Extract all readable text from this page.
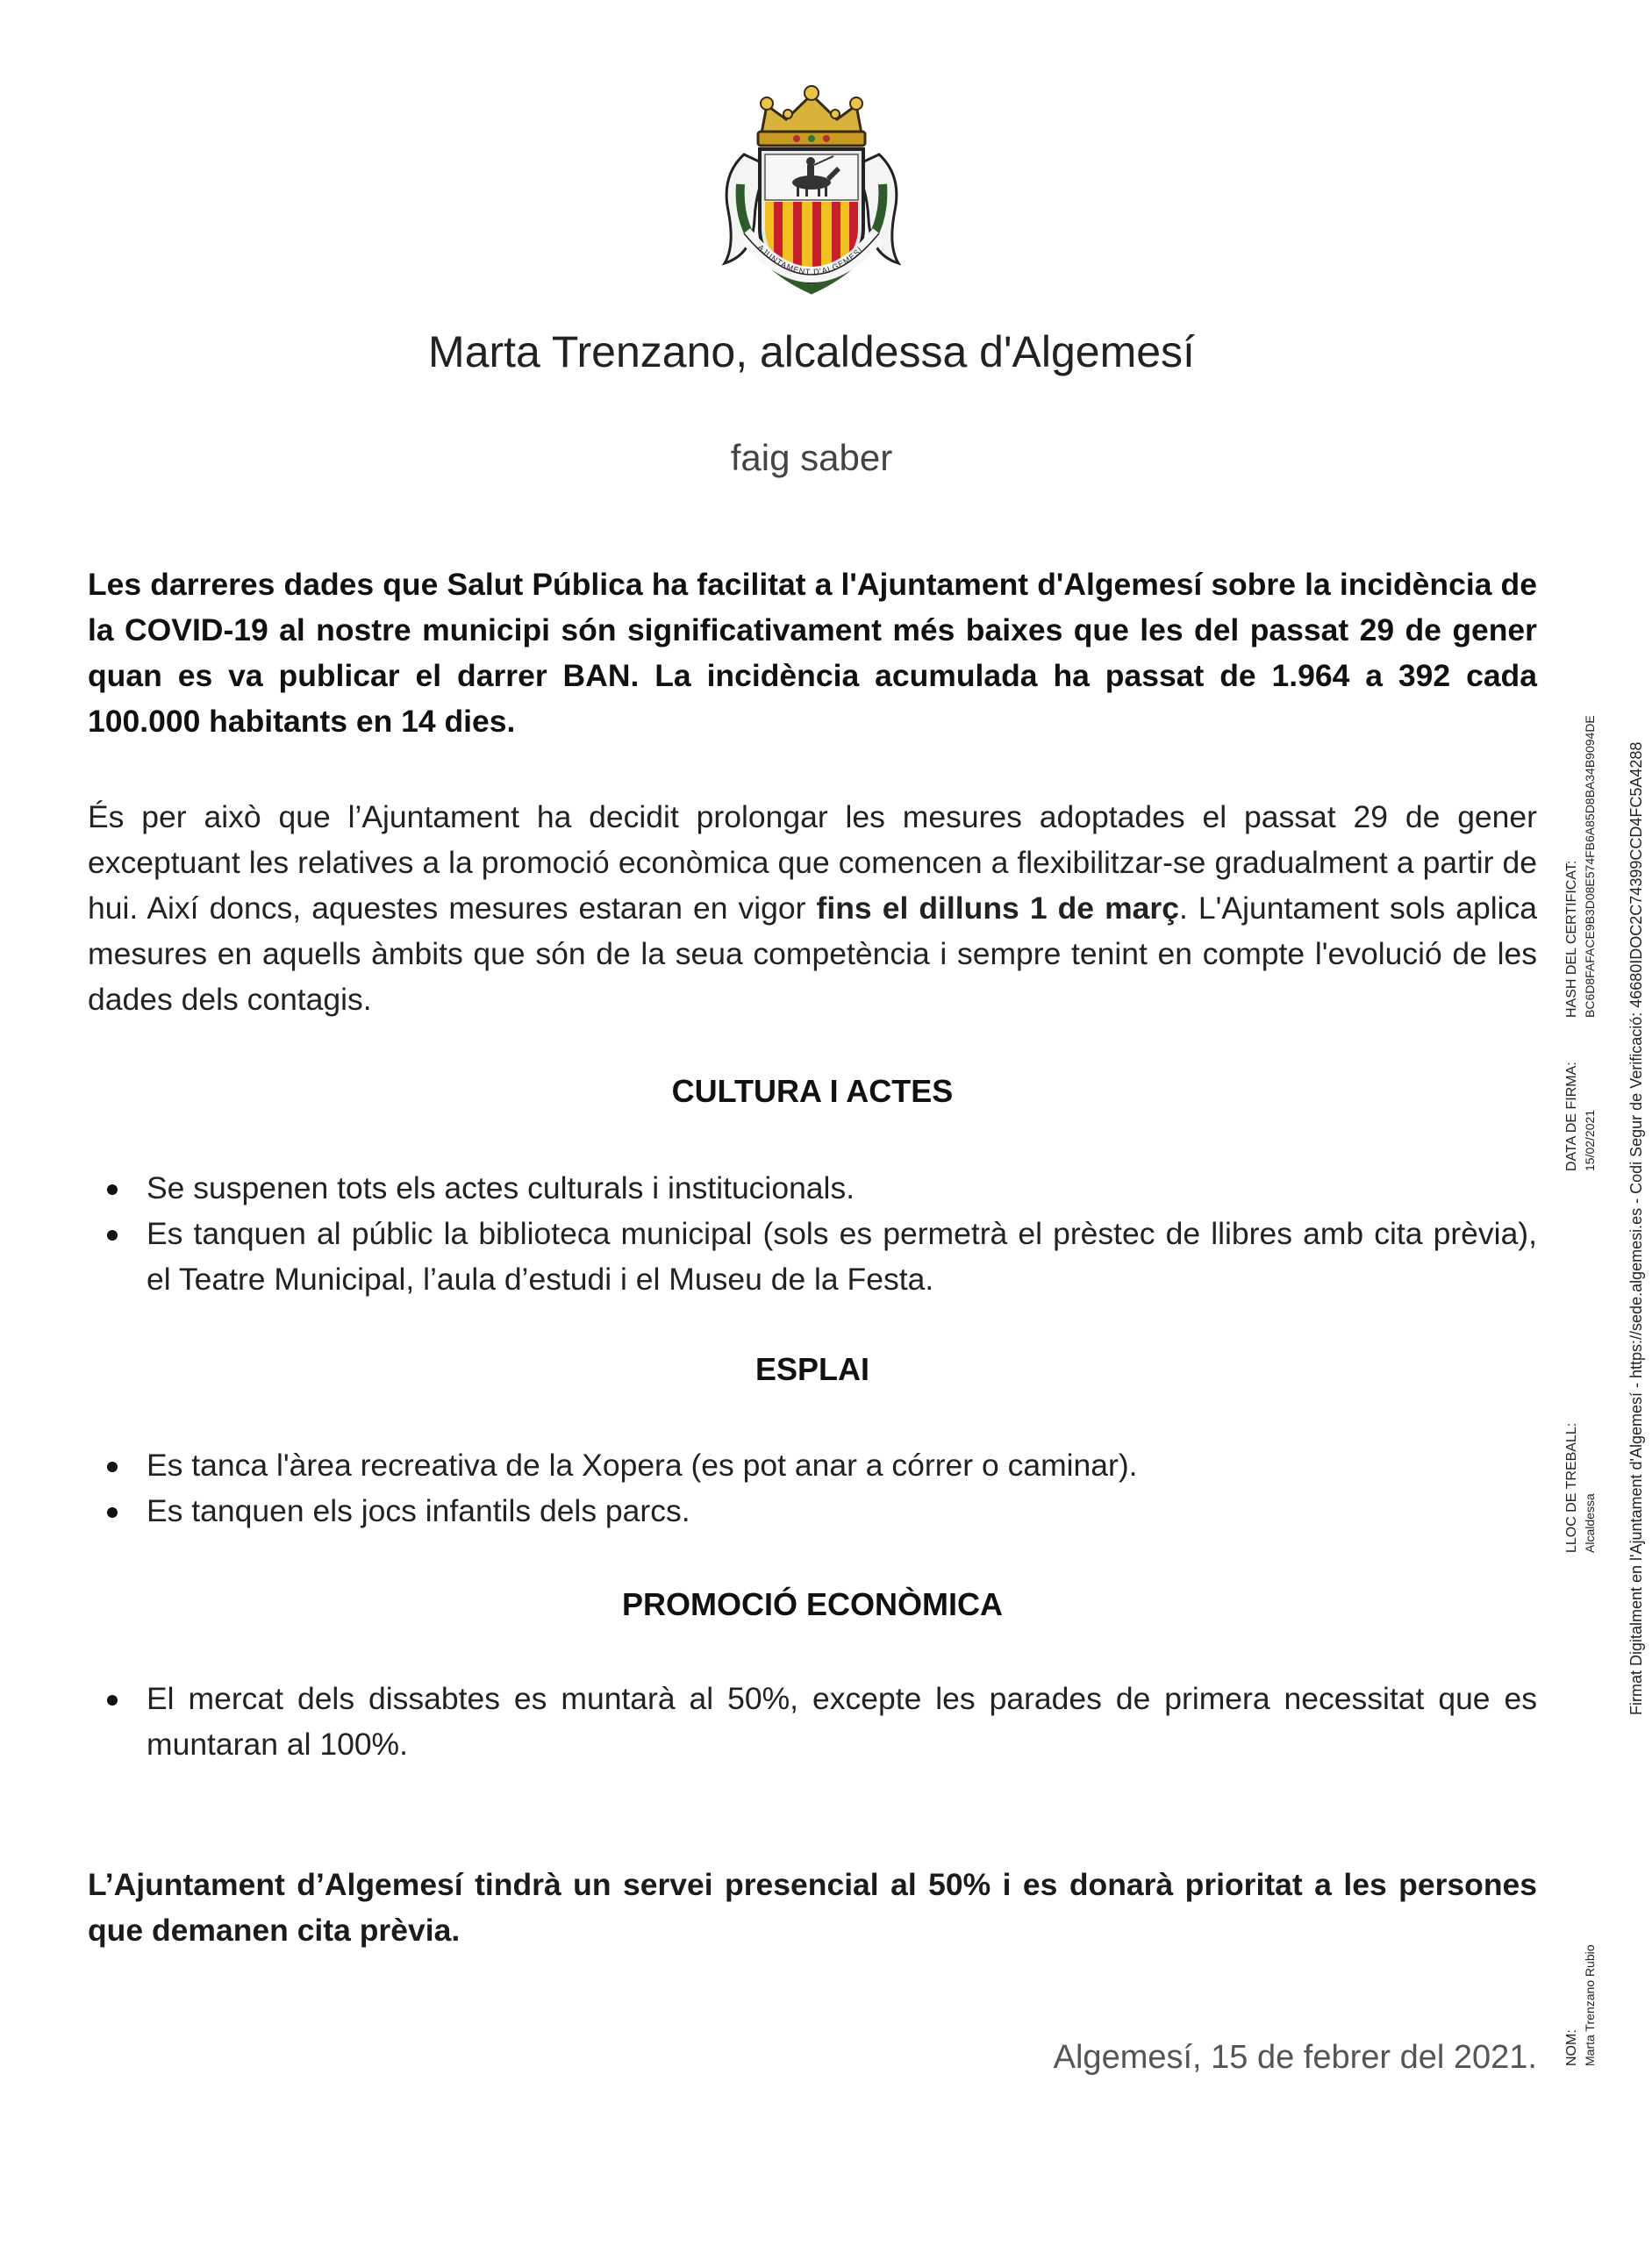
AJUNTAMENT D'ALGEMESÍ
Marta Trenzano, alcaldessa d'Algemesí
faig saber
Les darreres dades que Salut Pública ha facilitat a l'Ajuntament d'Algemesí sobre la incidència de la COVID-19 al nostre municipi són significativament més baixes que les del passat 29 de gener quan es va publicar el darrer BAN. La incidència acumulada ha passat de 1.964 a 392 cada 100.000 habitants en 14 dies.
És per això que l’Ajuntament ha decidit prolongar les mesures adoptades el passat 29 de gener exceptuant les relatives a la promoció econòmica que comencen a flexibilitzar-se gradualment a partir de hui. Així doncs, aquestes mesures estaran en vigor fins el dilluns 1 de març. L'Ajuntament sols aplica mesures en aquells àmbits que són de la seua competència i sempre tenint en compte l'evolució de les dades dels contagis.
CULTURA I ACTES
Se suspenen tots els actes culturals i institucionals.
Es tanquen al públic la biblioteca municipal (sols es permetrà el prèstec de llibres amb cita prèvia), el Teatre Municipal, l’aula d’estudi i el Museu de la Festa.
ESPLAI
Es tanca l'àrea recreativa de la Xopera (es pot anar a córrer o caminar).
Es tanquen els jocs infantils dels parcs.
PROMOCIÓ ECONÒMICA
El mercat dels dissabtes es muntarà al 50%, excepte les parades de primera necessitat que es muntaran al 100%.
L’Ajuntament d’Algemesí tindrà un servei presencial al 50% i es donarà prioritat a les persones que demanen cita prèvia.
Algemesí, 15 de febrer del 2021. NOM: Marta Trenzano Rubio
LLOC DE TREBALL: Alcaldessa
DATA DE FIRMA: 15/02/2021
HASH DEL CERTIFICAT: BC6D8FAFACE9B3D08E574FB6A85D8BA34B9094DE Firmat Digitalment en l'Ajuntament d'Algemesí - https://sede.algemesi.es - Codi Segur de Verificació: 46680IDOC2C74399CCD4FC5A4288
